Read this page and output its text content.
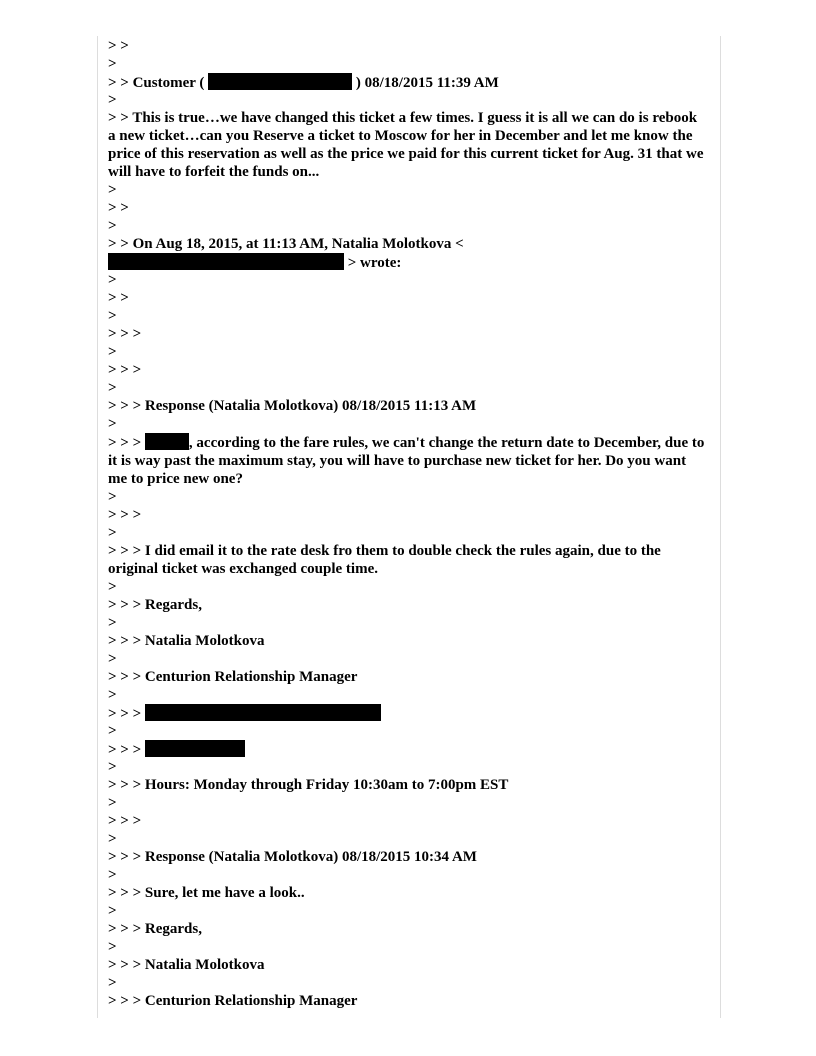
> >
>
> > Customer (	) 08/18/2015 11:39 AM
>
> > This is true…we have changed this ticket a few times. I guess it is all we can do is rebook a new ticket…can you Reserve a ticket to Moscow for her in December and let me know the price of this reservation as well as the price we paid for this current ticket for Aug. 31 that we will have to forfeit the funds on...
>
> >
>
> > On Aug 18, 2015, at 11:13 AM, Natalia Molotkova <
> wrote:
>
> >
>
> > >
>
> > >
>
> > > Response (Natalia Molotkova) 08/18/2015 11:13 AM
>
> > >	, according to the fare rules, we can't change the return date to December, due to it is way past the maximum stay, you will have to purchase new ticket for her. Do you want me to price new one?
>
> > >
>
> > > I did email it to the rate desk fro them to double check the rules again, due to the original ticket was exchanged couple time.
>
> > > Regards,
>
> > > Natalia Molotkova
>
> > > Centurion Relationship Manager
>
> > >
>
> > >
>
> > > Hours: Monday through Friday 10:30am to 7:00pm EST
>
> > >
>
> > > Response (Natalia Molotkova) 08/18/2015 10:34 AM
>
> > > Sure, let me have a look..
>
> > > Regards,
>
> > > Natalia Molotkova
>
> > > Centurion Relationship Manager
